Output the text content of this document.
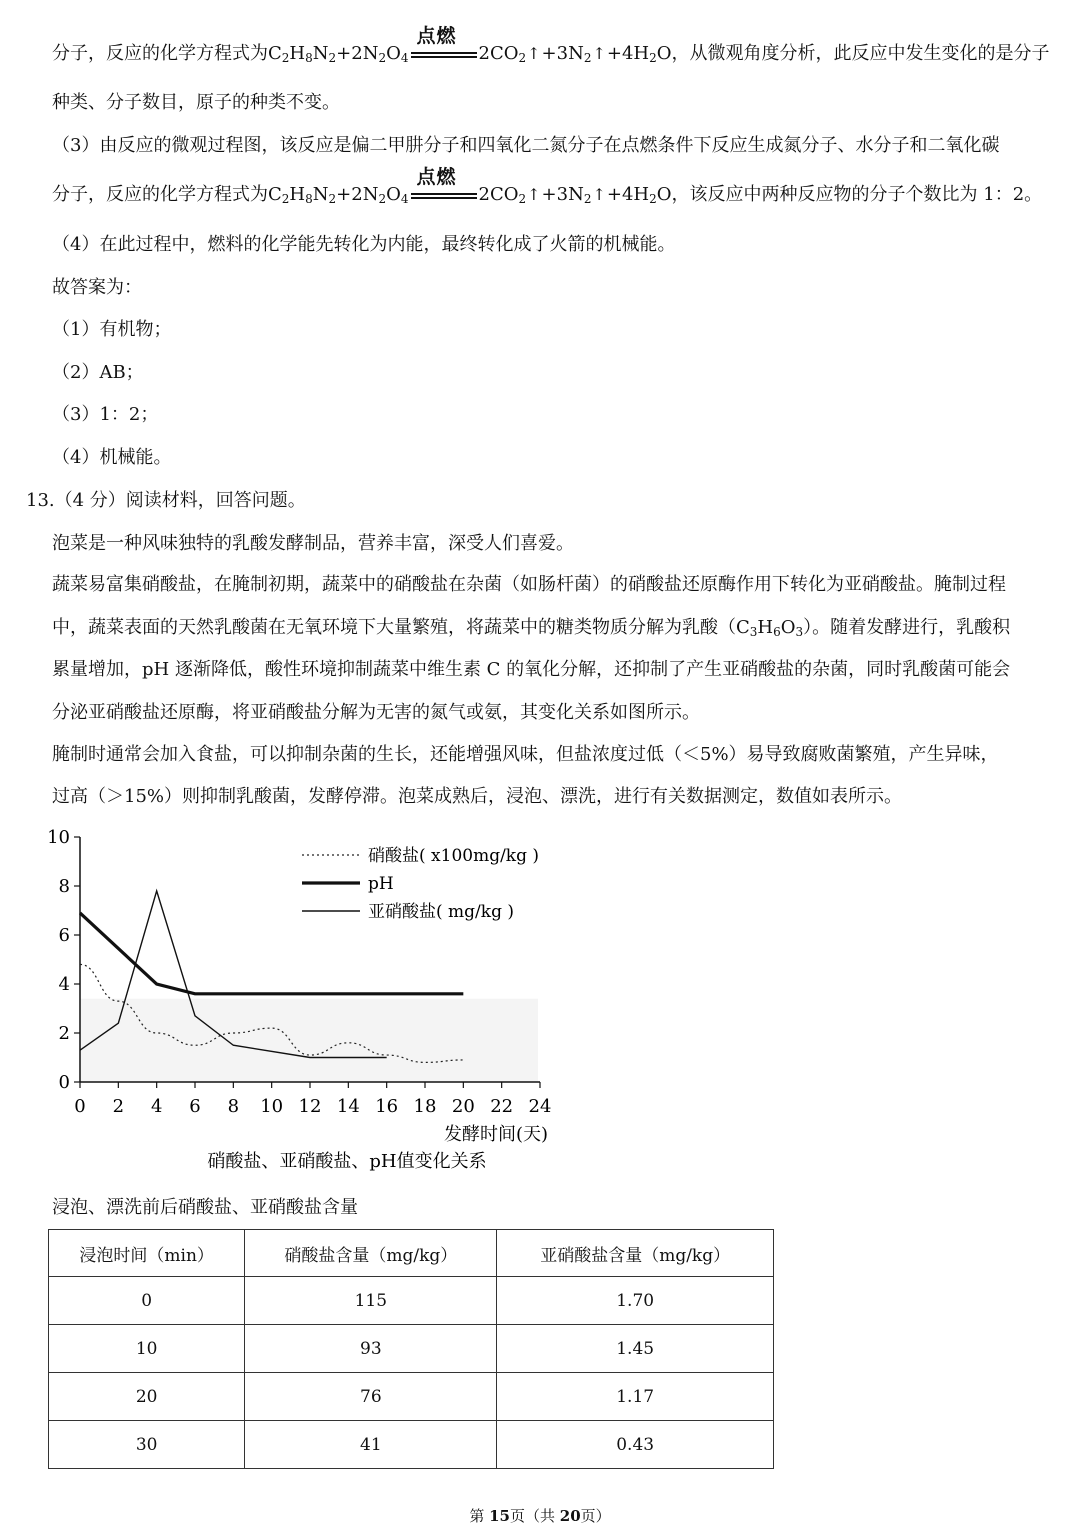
分子，反应的化学方程式为$C_2H_8N_2+2N_2O_4$
点燃
$2CO_2↑+3N_2↑+4H_2O$，从微观角度分析，此反应中发生变化的是分子
种类、分子数目，原子的种类不变。
（3）由反应的微观过程图，该反应是偏二甲肼分子和四氧化二氮分子在点燃条件下反应生成氮分子、水分子和二氧化碳
分子，反应的化学方程式为$C_2H_8N_2+2N_2O_4$
点燃
$2CO_2↑+3N_2↑+4H_2O$，该反应中两种反应物的分子个数比为 1：2。
（4）在此过程中，燃料的化学能先转化为内能，最终转化成了火箭的机械能。
故答案为：
（1）有机物；
（2）AB；
（3）1：2；
（4）机械能。
13.（4 分）阅读材料，回答问题。
泡菜是一种风味独特的乳酸发酵制品，营养丰富，深受人们喜爱。
蔬菜易富集硝酸盐，在腌制初期，蔬菜中的硝酸盐在杂菌（如肠杆菌）的硝酸盐还原酶作用下转化为亚硝酸盐。腌制过程
中，蔬菜表面的天然乳酸菌在无氧环境下大量繁殖，将蔬菜中的糖类物质分解为乳酸$(C_3H_6O_3)$。随着发酵进行，乳酸积
累量增加，pH 逐渐降低，酸性环境抑制蔬菜中维生素 C 的氧化分解，还抑制了产生亚硝酸盐的杂菌，同时乳酸菌可能会
分泌亚硝酸盐还原酶，将亚硝酸盐分解为无害的氮气或氨，其变化关系如图所示。
腌制时通常会加入食盐，可以抑制杂菌的生长，还能增强风味，但盐浓度过低（＜5%）易导致腐败菌繁殖，产生异味，
过高（＞15%）则抑制乳酸菌，发酵停滞。泡菜成熟后，浸泡、漂洗，进行有关数据测定，数值如表所示。
0
2
4
6
8
10
0 2 4 6 8 10 12 14 16 18 20 22 24
发酵时间(天)
硝酸盐、亚硝酸盐、pH值变化关系
硝酸盐( x100mg/kg )
pH
亚硝酸盐( mg/kg )
浸泡、漂洗前后硝酸盐、亚硝酸盐含量
浸泡时间（min）	硝酸盐含量（mg/kg）	亚硝酸盐含量（mg/kg）
0	115	1.70
10	93	1.45
20	76	1.17
30	41	0.43
第 15页（共 20页）
